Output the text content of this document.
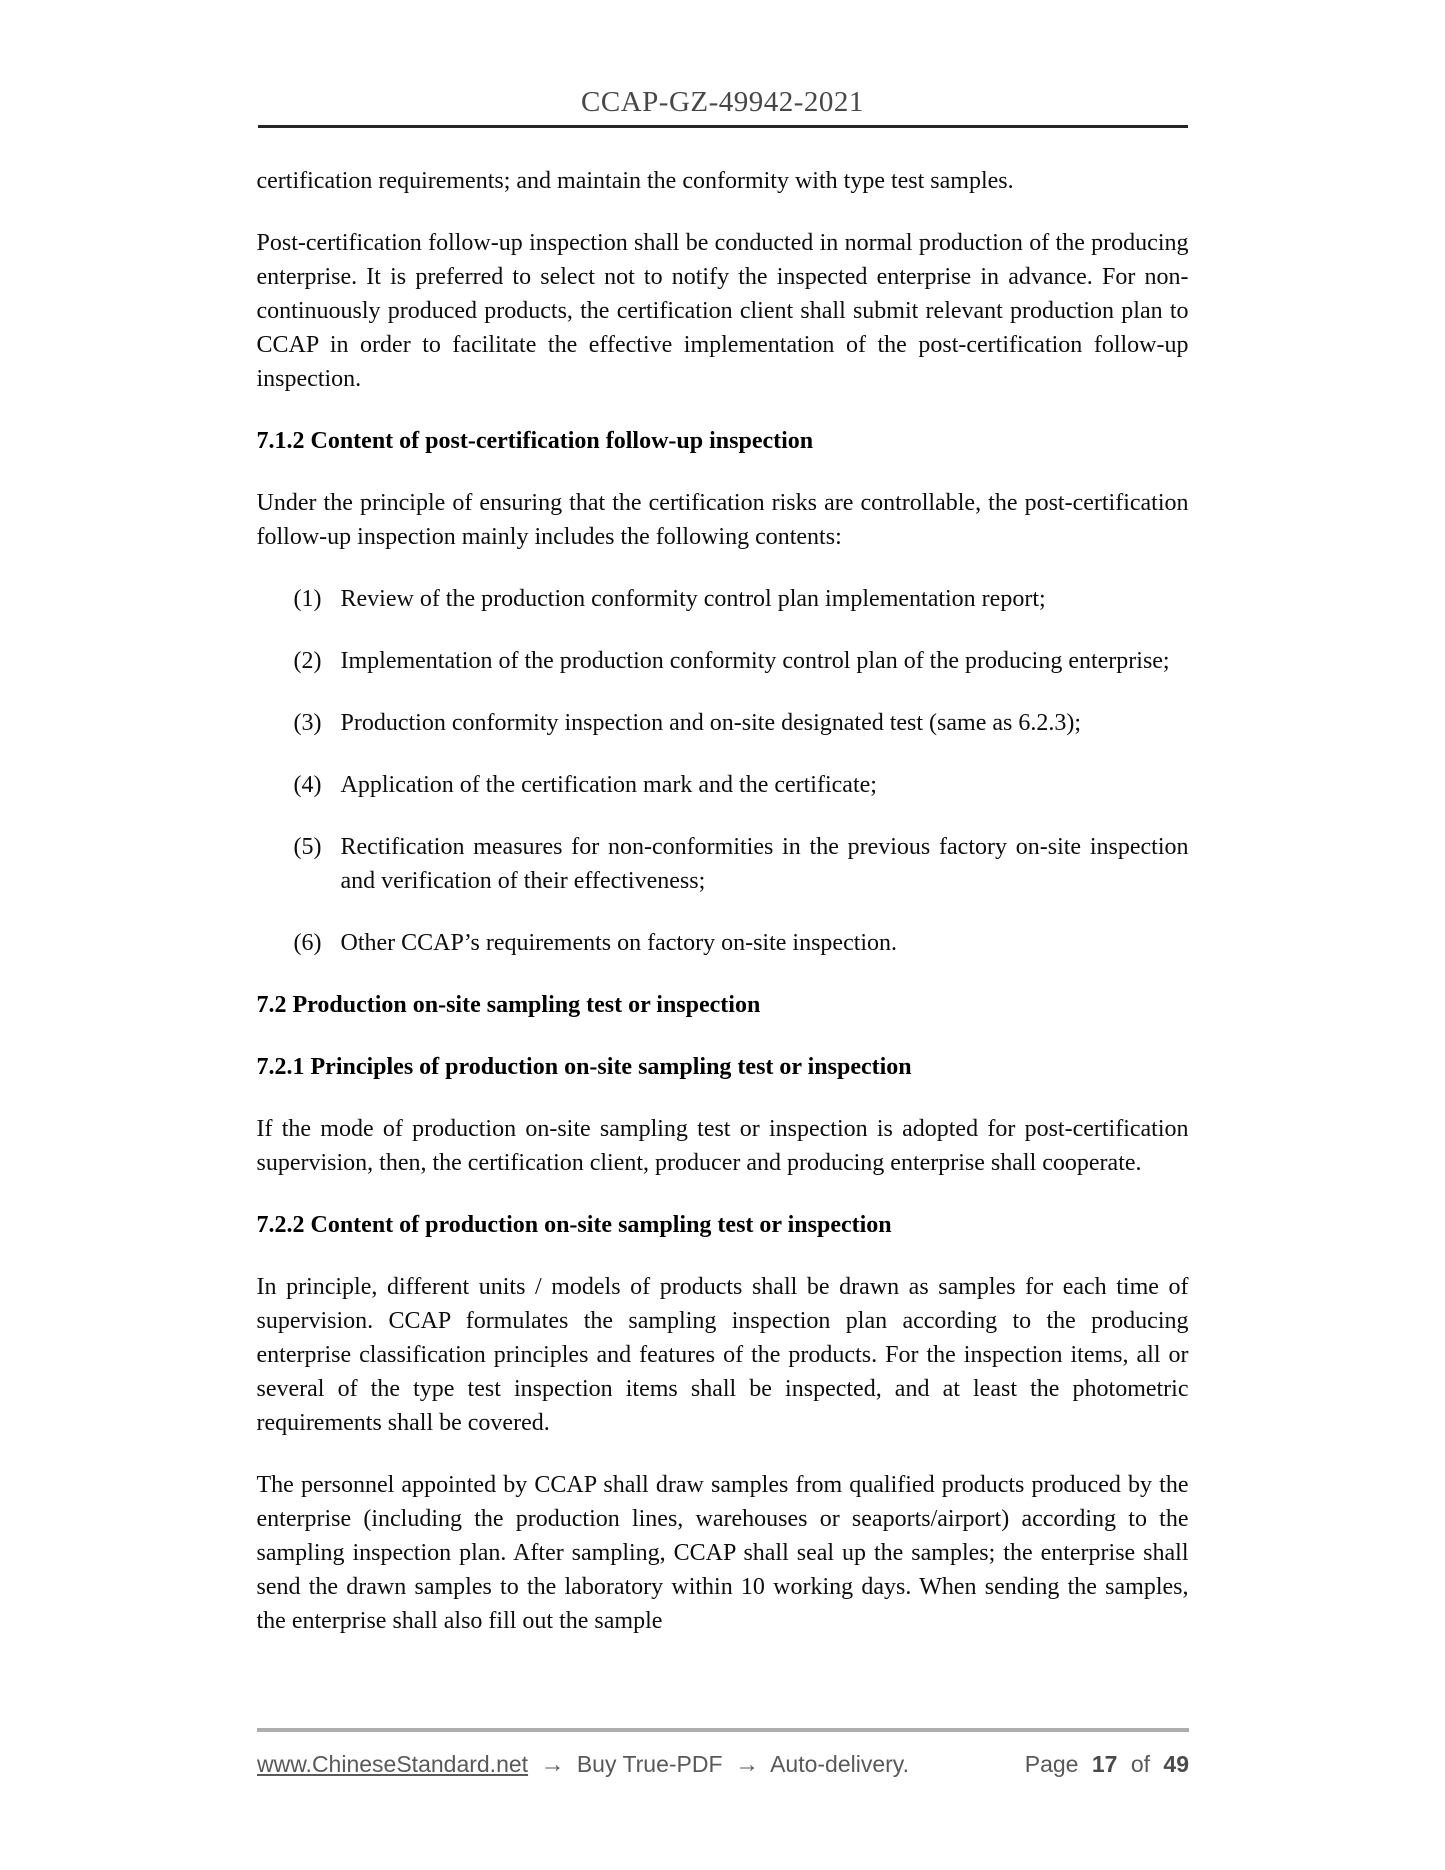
CCAP-GZ-49942-2021

certification requirements; and maintain the conformity with type test samples.

Post-certification follow-up inspection shall be conducted in normal production of the producing enterprise. It is preferred to select not to notify the inspected enterprise in advance. For non-continuously produced products, the certification client shall submit relevant production plan to CCAP in order to facilitate the effective implementation of the post-certification follow-up inspection.

7.1.2 Content of post-certification follow-up inspection

Under the principle of ensuring that the certification risks are controllable, the post-certification follow-up inspection mainly includes the following contents:

(1) Review of the production conformity control plan implementation report;
(2) Implementation of the production conformity control plan of the producing enterprise;
(3) Production conformity inspection and on-site designated test (same as 6.2.3);
(4) Application of the certification mark and the certificate;
(5) Rectification measures for non-conformities in the previous factory on-site inspection and verification of their effectiveness;
(6) Other CCAP’s requirements on factory on-site inspection.
7.2 Production on-site sampling test or inspection
7.2.1 Principles of production on-site sampling test or inspection

If the mode of production on-site sampling test or inspection is adopted for post-certification supervision, then, the certification client, producer and producing enterprise shall cooperate.

7.2.2 Content of production on-site sampling test or inspection

In principle, different units / models of products shall be drawn as samples for each time of supervision. CCAP formulates the sampling inspection plan according to the producing enterprise classification principles and features of the products. For the inspection items, all or several of the type test inspection items shall be inspected, and at least the photometric requirements shall be covered.

The personnel appointed by CCAP shall draw samples from qualified products produced by the enterprise (including the production lines, warehouses or seaports/airport) according to the sampling inspection plan. After sampling, CCAP shall seal up the samples; the enterprise shall send the drawn samples to the laboratory within 10 working days. When sending the samples, the enterprise shall also fill out the sample

www.ChineseStandard.net → Buy True-PDF → Auto-delivery.	Page 17 of 49
